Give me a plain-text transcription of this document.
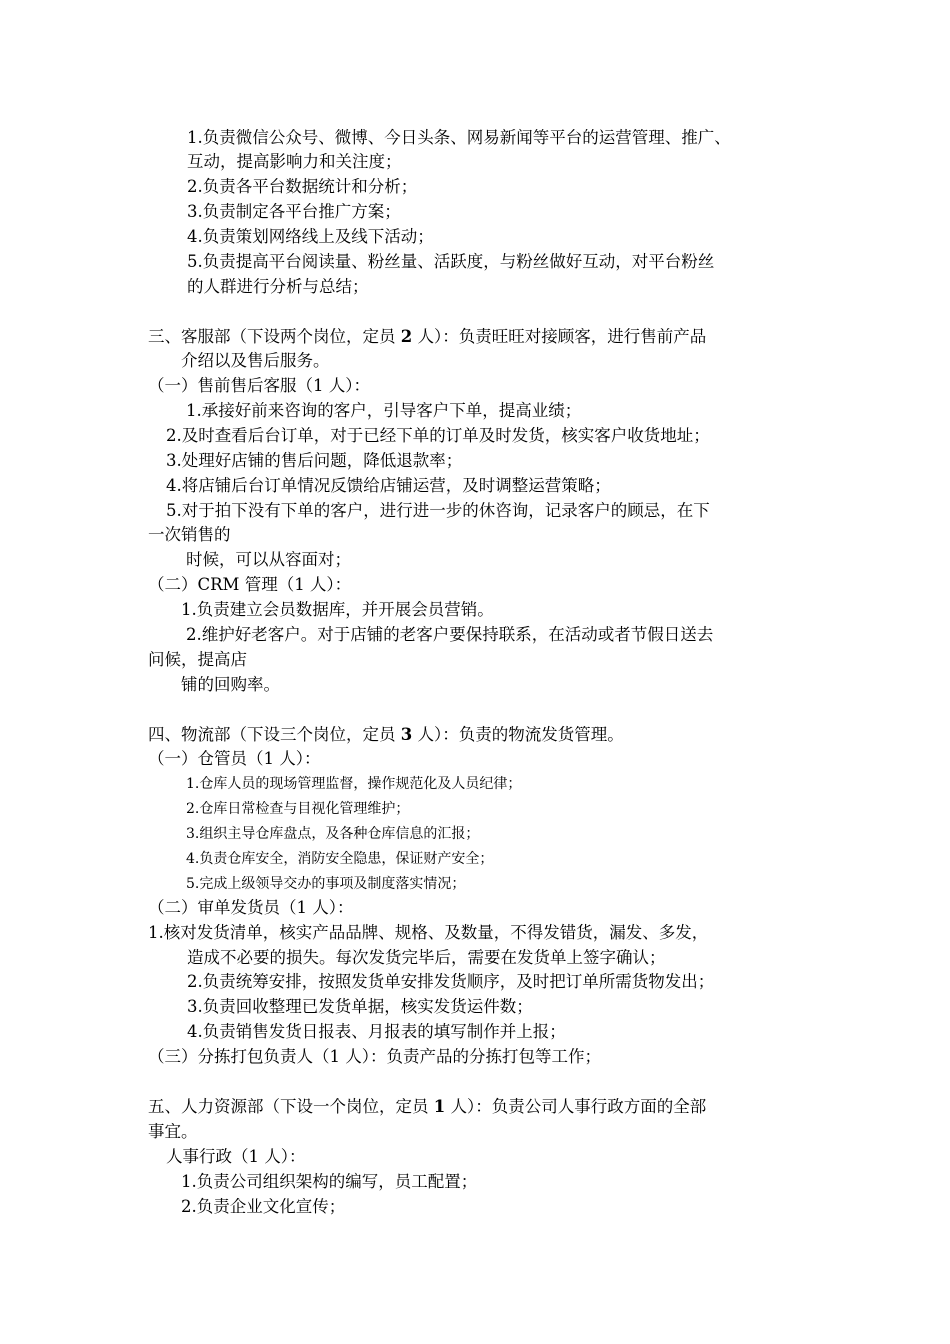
1.负责微信公众号、微博、今日头条、网易新闻等平台的运营管理、推广、
互动，提高影响力和关注度；
2.负责各平台数据统计和分析；
3.负责制定各平台推广方案；
4.负责策划网络线上及线下活动；
5.负责提高平台阅读量、粉丝量、活跃度，与粉丝做好互动，对平台粉丝
的人群进行分析与总结；
三、客服部（下设两个岗位，定员 2 人）：负责旺旺对接顾客，进行售前产品
介绍以及售后服务。
（一）售前售后客服（1 人）：
1.承接好前来咨询的客户，引导客户下单，提高业绩；
2.及时查看后台订单，对于已经下单的订单及时发货，核实客户收货地址；
3.处理好店铺的售后问题，降低退款率；
4.将店铺后台订单情况反馈给店铺运营，及时调整运营策略；
5.对于拍下没有下单的客户，进行进一步的休咨询，记录客户的顾忌，在下
一次销售的
时候，可以从容面对；
（二）CRM 管理（1 人）：
1.负责建立会员数据库，并开展会员营销。
2.维护好老客户。对于店铺的老客户要保持联系，在活动或者节假日送去
问候，提高店
铺的回购率。
四、物流部（下设三个岗位，定员 3 人）：负责的物流发货管理。
（一）仓管员（1 人）：
1.仓库人员的现场管理监督，操作规范化及人员纪律；
2.仓库日常检查与目视化管理维护；
3.组织主导仓库盘点，及各种仓库信息的汇报；
4.负责仓库安全，消防安全隐患，保证财产安全；
5.完成上级领导交办的事项及制度落实情况；
（二）审单发货员（1 人）：
1.核对发货清单，核实产品品牌、规格、及数量，不得发错货，漏发、多发，
造成不必要的损失。每次发货完毕后，需要在发货单上签字确认；
2.负责统筹安排，按照发货单安排发货顺序，及时把订单所需货物发出；
3.负责回收整理已发货单据，核实发货运件数；
4.负责销售发货日报表、月报表的填写制作并上报；
（三）分拣打包负责人（1 人）：负责产品的分拣打包等工作；
五、人力资源部（下设一个岗位，定员 1 人）：负责公司人事行政方面的全部
事宜。
人事行政（1 人）：
1.负责公司组织架构的编写，员工配置；
2.负责企业文化宣传；
